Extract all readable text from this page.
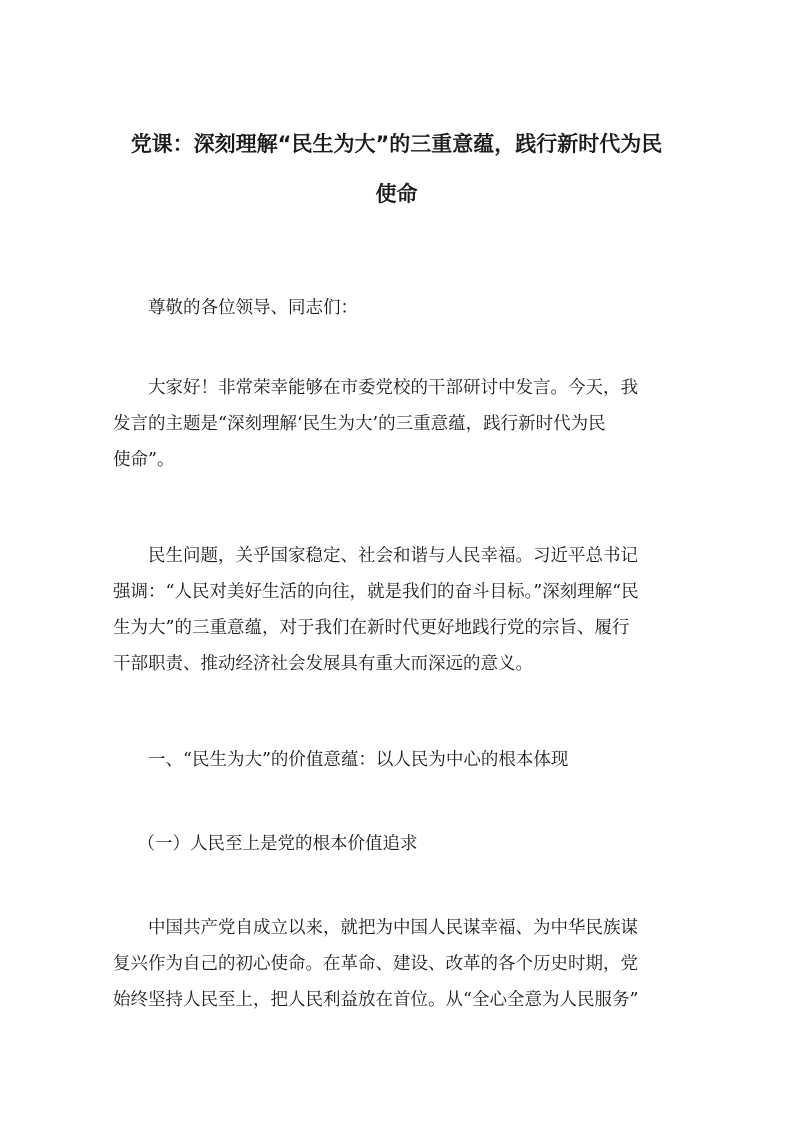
党课：深刻理解“民生为大”的三重意蕴，践行新时代为民
使命
尊敬的各位领导、同志们：
大家好！非常荣幸能够在市委党校的干部研讨中发言。今天，我
发言的主题是“深刻理解‘民生为大’的三重意蕴，践行新时代为民
使命”。
民生问题，关乎国家稳定、社会和谐与人民幸福。习近平总书记
强调：“人民对美好生活的向往，就是我们的奋斗目标。”深刻理解“民
生为大”的三重意蕴，对于我们在新时代更好地践行党的宗旨、履行
干部职责、推动经济社会发展具有重大而深远的意义。
一、“民生为大”的价值意蕴：以人民为中心的根本体现
（一）人民至上是党的根本价值追求
中国共产党自成立以来，就把为中国人民谋幸福、为中华民族谋
复兴作为自己的初心使命。在革命、建设、改革的各个历史时期，党
始终坚持人民至上，把人民利益放在首位。从“全心全意为人民服务”
